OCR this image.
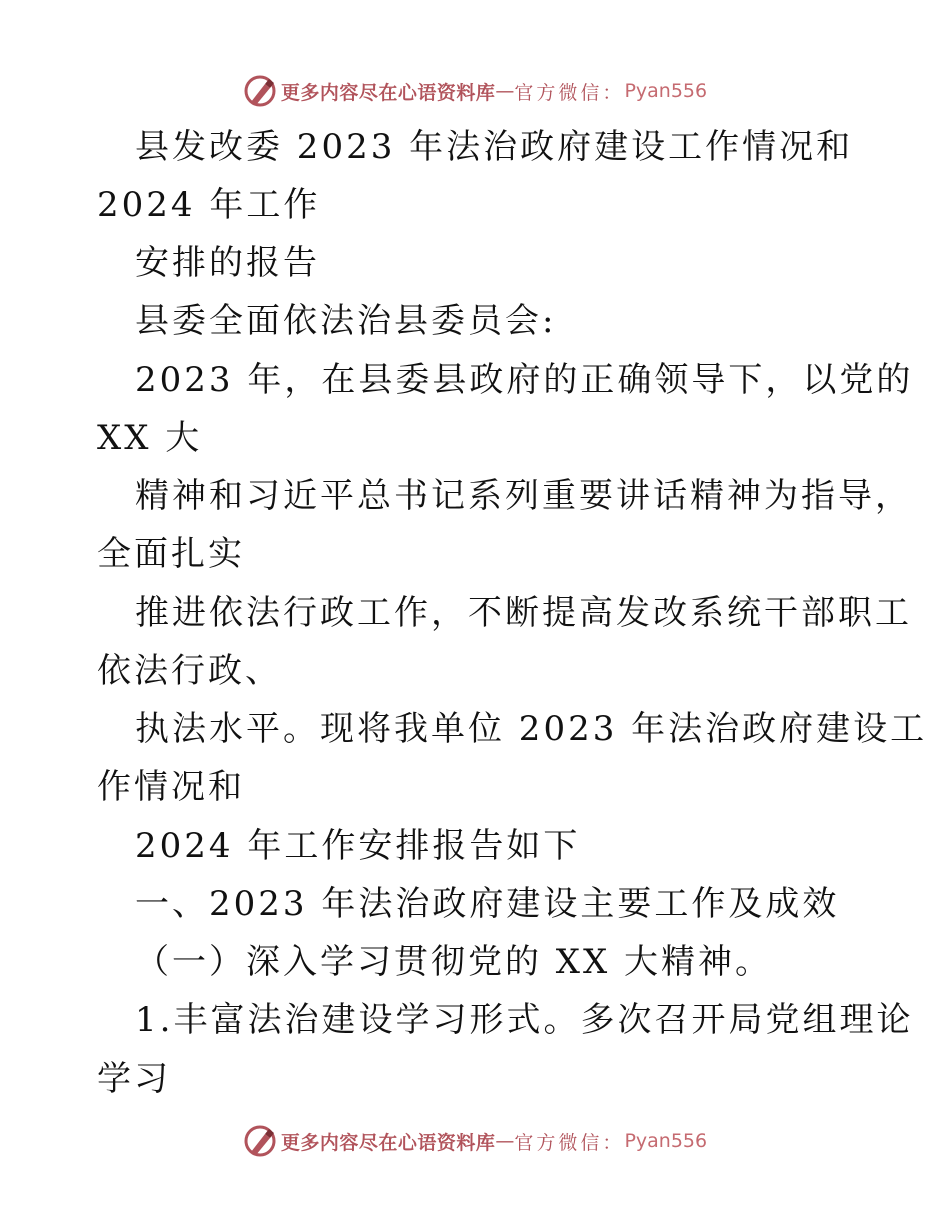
更多内容尽在心语资料库 — 官方微信： Pyan556
县发改委 2023 年法治政府建设工作情况和
2024 年工作
安排的报告
县委全面依法治县委员会:
2023 年，在县委县政府的正确领导下，以党的
XX 大
精神和习近平总书记系列重要讲话精神为指导，
全面扎实
推进依法行政工作，不断提高发改系统干部职工
依法行政、
执法水平。现将我单位 2023 年法治政府建设工
作情况和
2024 年工作安排报告如下
一、2023 年法治政府建设主要工作及成效
（一）深入学习贯彻党的 XX 大精神。
1.丰富法治建设学习形式。多次召开局党组理论
学习
更多内容尽在心语资料库 — 官方微信： Pyan556
